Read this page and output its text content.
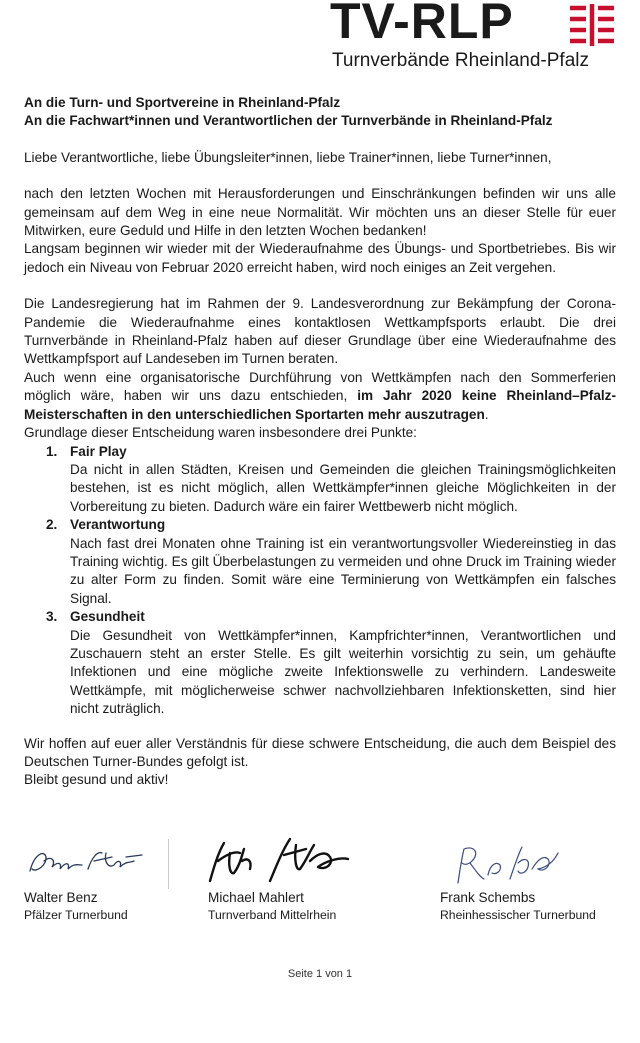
TV-RLP
Turnverbände Rheinland-Pfalz

An die Turn- und Sportvereine in Rheinland-Pfalz

An die Fachwart*innen und Verantwortlichen der Turnverbände in Rheinland-Pfalz

Liebe Verantwortliche, liebe Übungsleiter*innen, liebe Trainer*innen, liebe Turner*innen,

nach den letzten Wochen mit Herausforderungen und Einschränkungen befinden wir uns alle gemeinsam auf dem Weg in eine neue Normalität. Wir möchten uns an dieser Stelle für euer Mitwirken, eure Geduld und Hilfe in den letzten Wochen bedanken!

Langsam beginnen wir wieder mit der Wiederaufnahme des Übungs- und Sportbetriebes. Bis wir jedoch ein Niveau von Februar 2020 erreicht haben, wird noch einiges an Zeit vergehen.

Die Landesregierung hat im Rahmen der 9. Landesverordnung zur Bekämpfung der Corona-Pandemie die Wiederaufnahme eines kontaktlosen Wettkampfsports erlaubt. Die drei Turnverbände in Rheinland-Pfalz haben auf dieser Grundlage über eine Wiederaufnahme des Wettkampfsport auf Landeseben im Turnen beraten.

Auch wenn eine organisatorische Durchführung von Wettkämpfen nach den Sommerferien möglich wäre, haben wir uns dazu entschieden, im Jahr 2020 keine Rheinland–Pfalz-Meisterschaften in den unterschiedlichen Sportarten mehr auszutragen.

Grundlage dieser Entscheidung waren insbesondere drei Punkte:

1. Fair Play
Da nicht in allen Städten, Kreisen und Gemeinden die gleichen Trainingsmöglichkeiten bestehen, ist es nicht möglich, allen Wettkämpfer*innen gleiche Möglichkeiten in der Vorbereitung zu bieten. Dadurch wäre ein fairer Wettbewerb nicht möglich.
2. Verantwortung
Nach fast drei Monaten ohne Training ist ein verantwortungsvoller Wiedereinstieg in das Training wichtig. Es gilt Überbelastungen zu vermeiden und ohne Druck im Training wieder zu alter Form zu finden. Somit wäre eine Terminierung von Wettkämpfen ein falsches Signal.
3. Gesundheit
Die Gesundheit von Wettkämpfer*innen, Kampfrichter*innen, Verantwortlichen und Zuschauern steht an erster Stelle. Es gilt weiterhin vorsichtig zu sein, um gehäufte Infektionen und eine mögliche zweite Infektionswelle zu verhindern. Landesweite Wettkämpfe, mit möglicherweise schwer nachvollziehbaren Infektionsketten, sind hier nicht zuträglich.

Wir hoffen auf euer aller Verständnis für diese schwere Entscheidung, die auch dem Beispiel des Deutschen Turner-Bundes gefolgt ist.

Bleibt gesund und aktiv!

Walter Benz
Pfälzer Turnerbund
Michael Mahlert
Turnverband Mittelrhein
Frank Schembs
Rheinhessischer Turnerbund
Seite 1 von 1
